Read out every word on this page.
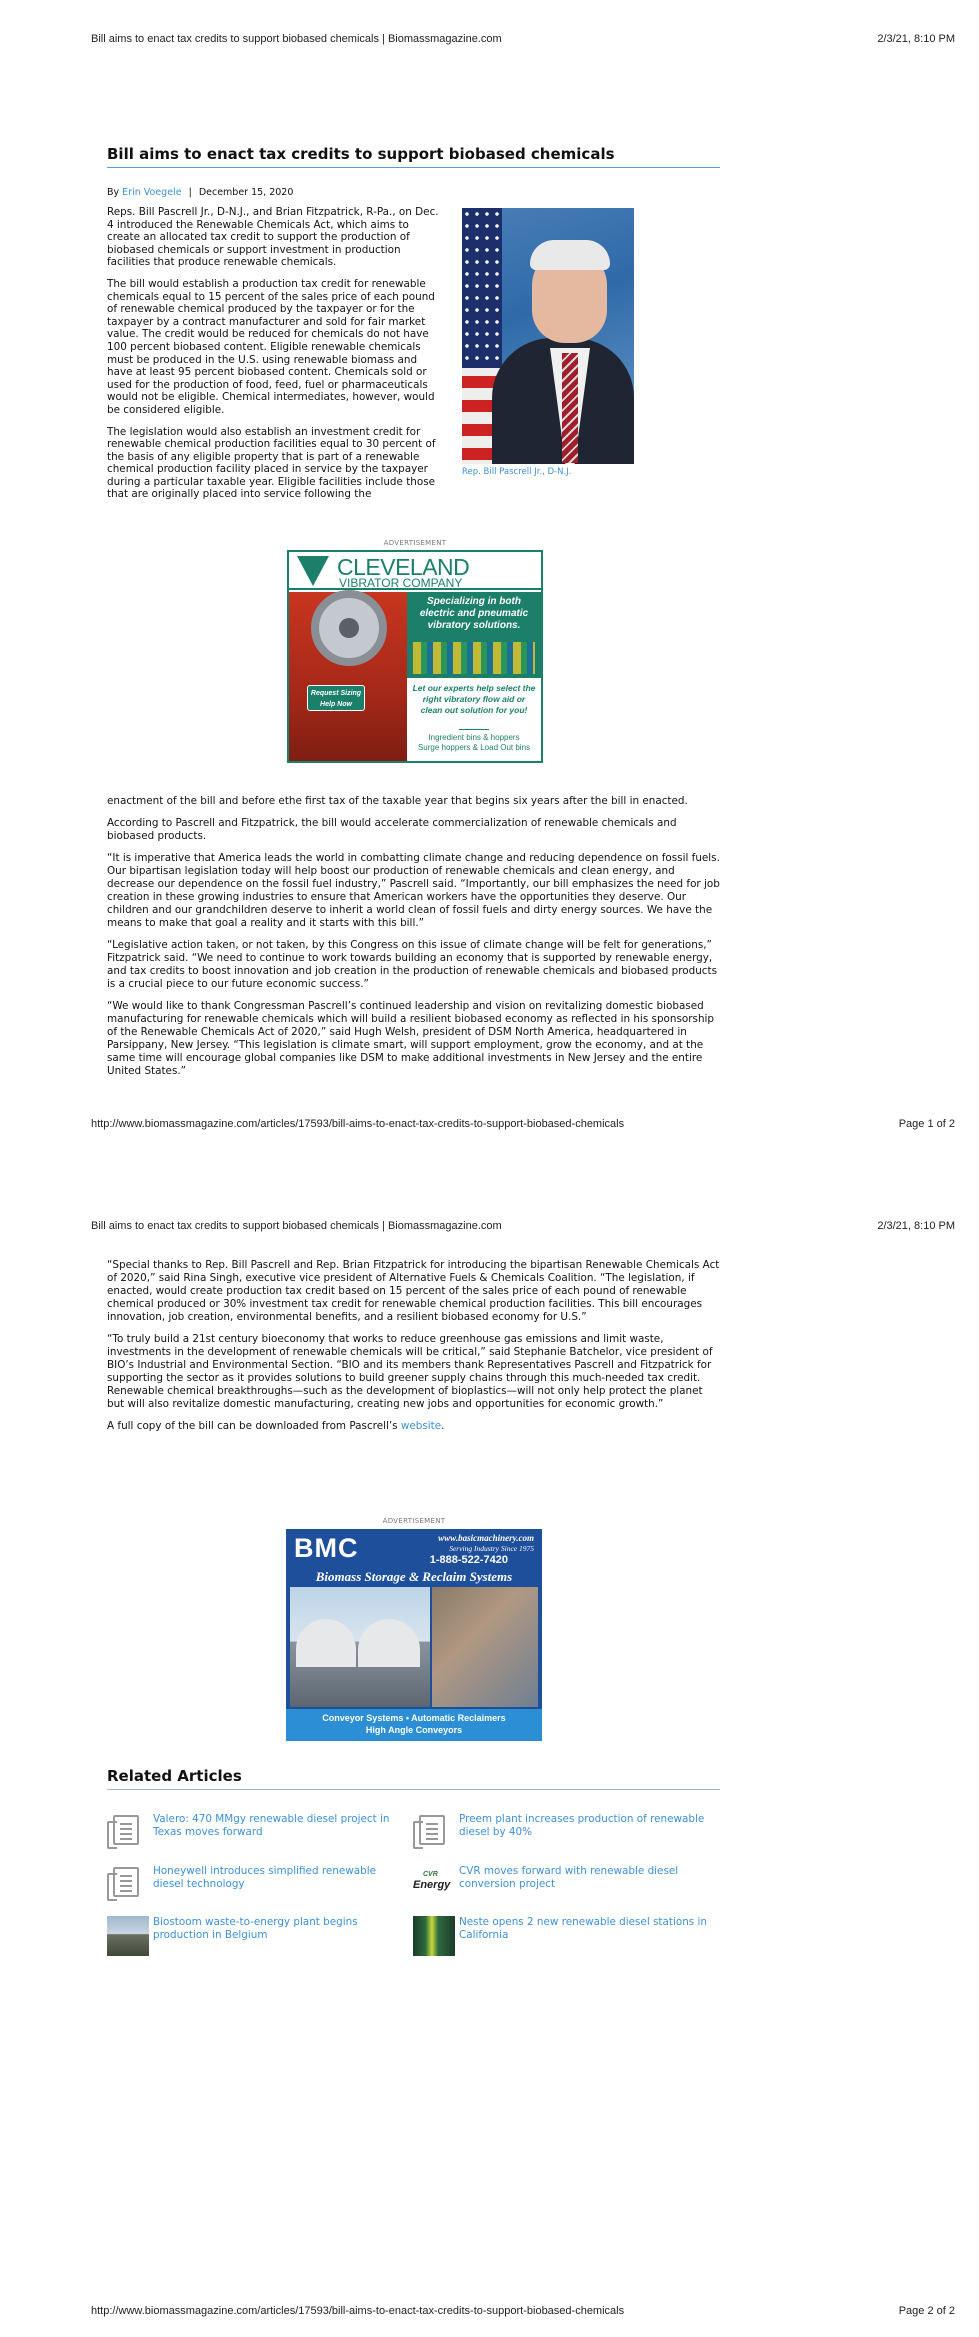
Bill aims to enact tax credits to support biobased chemicals | Biomassmagazine.com	2/3/21, 8:10 PM
Bill aims to enact tax credits to support biobased chemicals
By Erin Voegele | December 15, 2020

Reps. Bill Pascrell Jr., D-N.J., and Brian Fitzpatrick, R-Pa., on Dec. 4 introduced the Renewable Chemicals Act, which aims to create an allocated tax credit to support the production of biobased chemicals or support investment in production facilities that produce renewable chemicals.

The bill would establish a production tax credit for renewable chemicals equal to 15 percent of the sales price of each pound of renewable chemical produced by the taxpayer or for the taxpayer by a contract manufacturer and sold for fair market value. The credit would be reduced for chemicals do not have 100 percent biobased content. Eligible renewable chemicals must be produced in the U.S. using renewable biomass and have at least 95 percent biobased content. Chemicals sold or used for the production of food, feed, fuel or pharmaceuticals would not be eligible. Chemical intermediates, however, would be considered eligible.

The legislation would also establish an investment credit for renewable chemical production facilities equal to 30 percent of the basis of any eligible property that is part of a renewable chemical production facility placed in service by the taxpayer during a particular taxable year. Eligible facilities include those that are originally placed into service following the

Rep. Bill Pascrell Jr., D-N.J.
ADVERTISEMENT
CLEVELAND
VIBRATOR COMPANY
Request Sizing Help Now
Specializing in both electric and pneumatic vibratory solutions.
Let our experts help select the right vibratory flow aid or clean out solution for you!
Ingredient bins & hoppers
Surge hoppers & Load Out bins

enactment of the bill and before ethe first tax of the taxable year that begins six years after the bill in enacted.

According to Pascrell and Fitzpatrick, the bill would accelerate commercialization of renewable chemicals and biobased products.

“It is imperative that America leads the world in combatting climate change and reducing dependence on fossil fuels. Our bipartisan legislation today will help boost our production of renewable chemicals and clean energy, and decrease our dependence on the fossil fuel industry,” Pascrell said. “Importantly, our bill emphasizes the need for job creation in these growing industries to ensure that American workers have the opportunities they deserve. Our children and our grandchildren deserve to inherit a world clean of fossil fuels and dirty energy sources. We have the means to make that goal a reality and it starts with this bill.”

“Legislative action taken, or not taken, by this Congress on this issue of climate change will be felt for generations,” Fitzpatrick said. “We need to continue to work towards building an economy that is supported by renewable energy, and tax credits to boost innovation and job creation in the production of renewable chemicals and biobased products is a crucial piece to our future economic success.”

“We would like to thank Congressman Pascrell’s continued leadership and vision on revitalizing domestic biobased manufacturing for renewable chemicals which will build a resilient biobased economy as reflected in his sponsorship of the Renewable Chemicals Act of 2020,” said Hugh Welsh, president of DSM North America, headquartered in Parsippany, New Jersey. “This legislation is climate smart, will support employment, grow the economy, and at the same time will encourage global companies like DSM to make additional investments in New Jersey and the entire United States.”

http://www.biomassmagazine.com/articles/17593/bill-aims-to-enact-tax-credits-to-support-biobased-chemicals	Page 1 of 2
Bill aims to enact tax credits to support biobased chemicals | Biomassmagazine.com	2/3/21, 8:10 PM

“Special thanks to Rep. Bill Pascrell and Rep. Brian Fitzpatrick for introducing the bipartisan Renewable Chemicals Act of 2020,” said Rina Singh, executive vice president of Alternative Fuels & Chemicals Coalition. “The legislation, if enacted, would create production tax credit based on 15 percent of the sales price of each pound of renewable chemical produced or 30% investment tax credit for renewable chemical production facilities. This bill encourages innovation, job creation, environmental benefits, and a resilient biobased economy for U.S.”

“To truly build a 21st century bioeconomy that works to reduce greenhouse gas emissions and limit waste, investments in the development of renewable chemicals will be critical,” said Stephanie Batchelor, vice president of BIO’s Industrial and Environmental Section. “BIO and its members thank Representatives Pascrell and Fitzpatrick for supporting the sector as it provides solutions to build greener supply chains through this much-needed tax credit. Renewable chemical breakthroughs—such as the development of bioplastics—will not only help protect the planet but will also revitalize domestic manufacturing, creating new jobs and opportunities for economic growth.”

A full copy of the bill can be downloaded from Pascrell’s website.

ADVERTISEMENT
BMC	www.basicmachinery.com
Serving Industry Since 1975
1-888-522-7420
Biomass Storage & Reclaim Systems
Conveyor Systems • Automatic Reclaimers
High Angle Conveyors
Related Articles
Valero: 470 MMgy renewable diesel project in Texas moves forward
Preem plant increases production of renewable diesel by 40%
Honeywell introduces simplified renewable diesel technology
CVR
Energy
CVR moves forward with renewable diesel conversion project
Biostoom waste-to-energy plant begins production in Belgium
Neste opens 2 new renewable diesel stations in California
http://www.biomassmagazine.com/articles/17593/bill-aims-to-enact-tax-credits-to-support-biobased-chemicals	Page 2 of 2
